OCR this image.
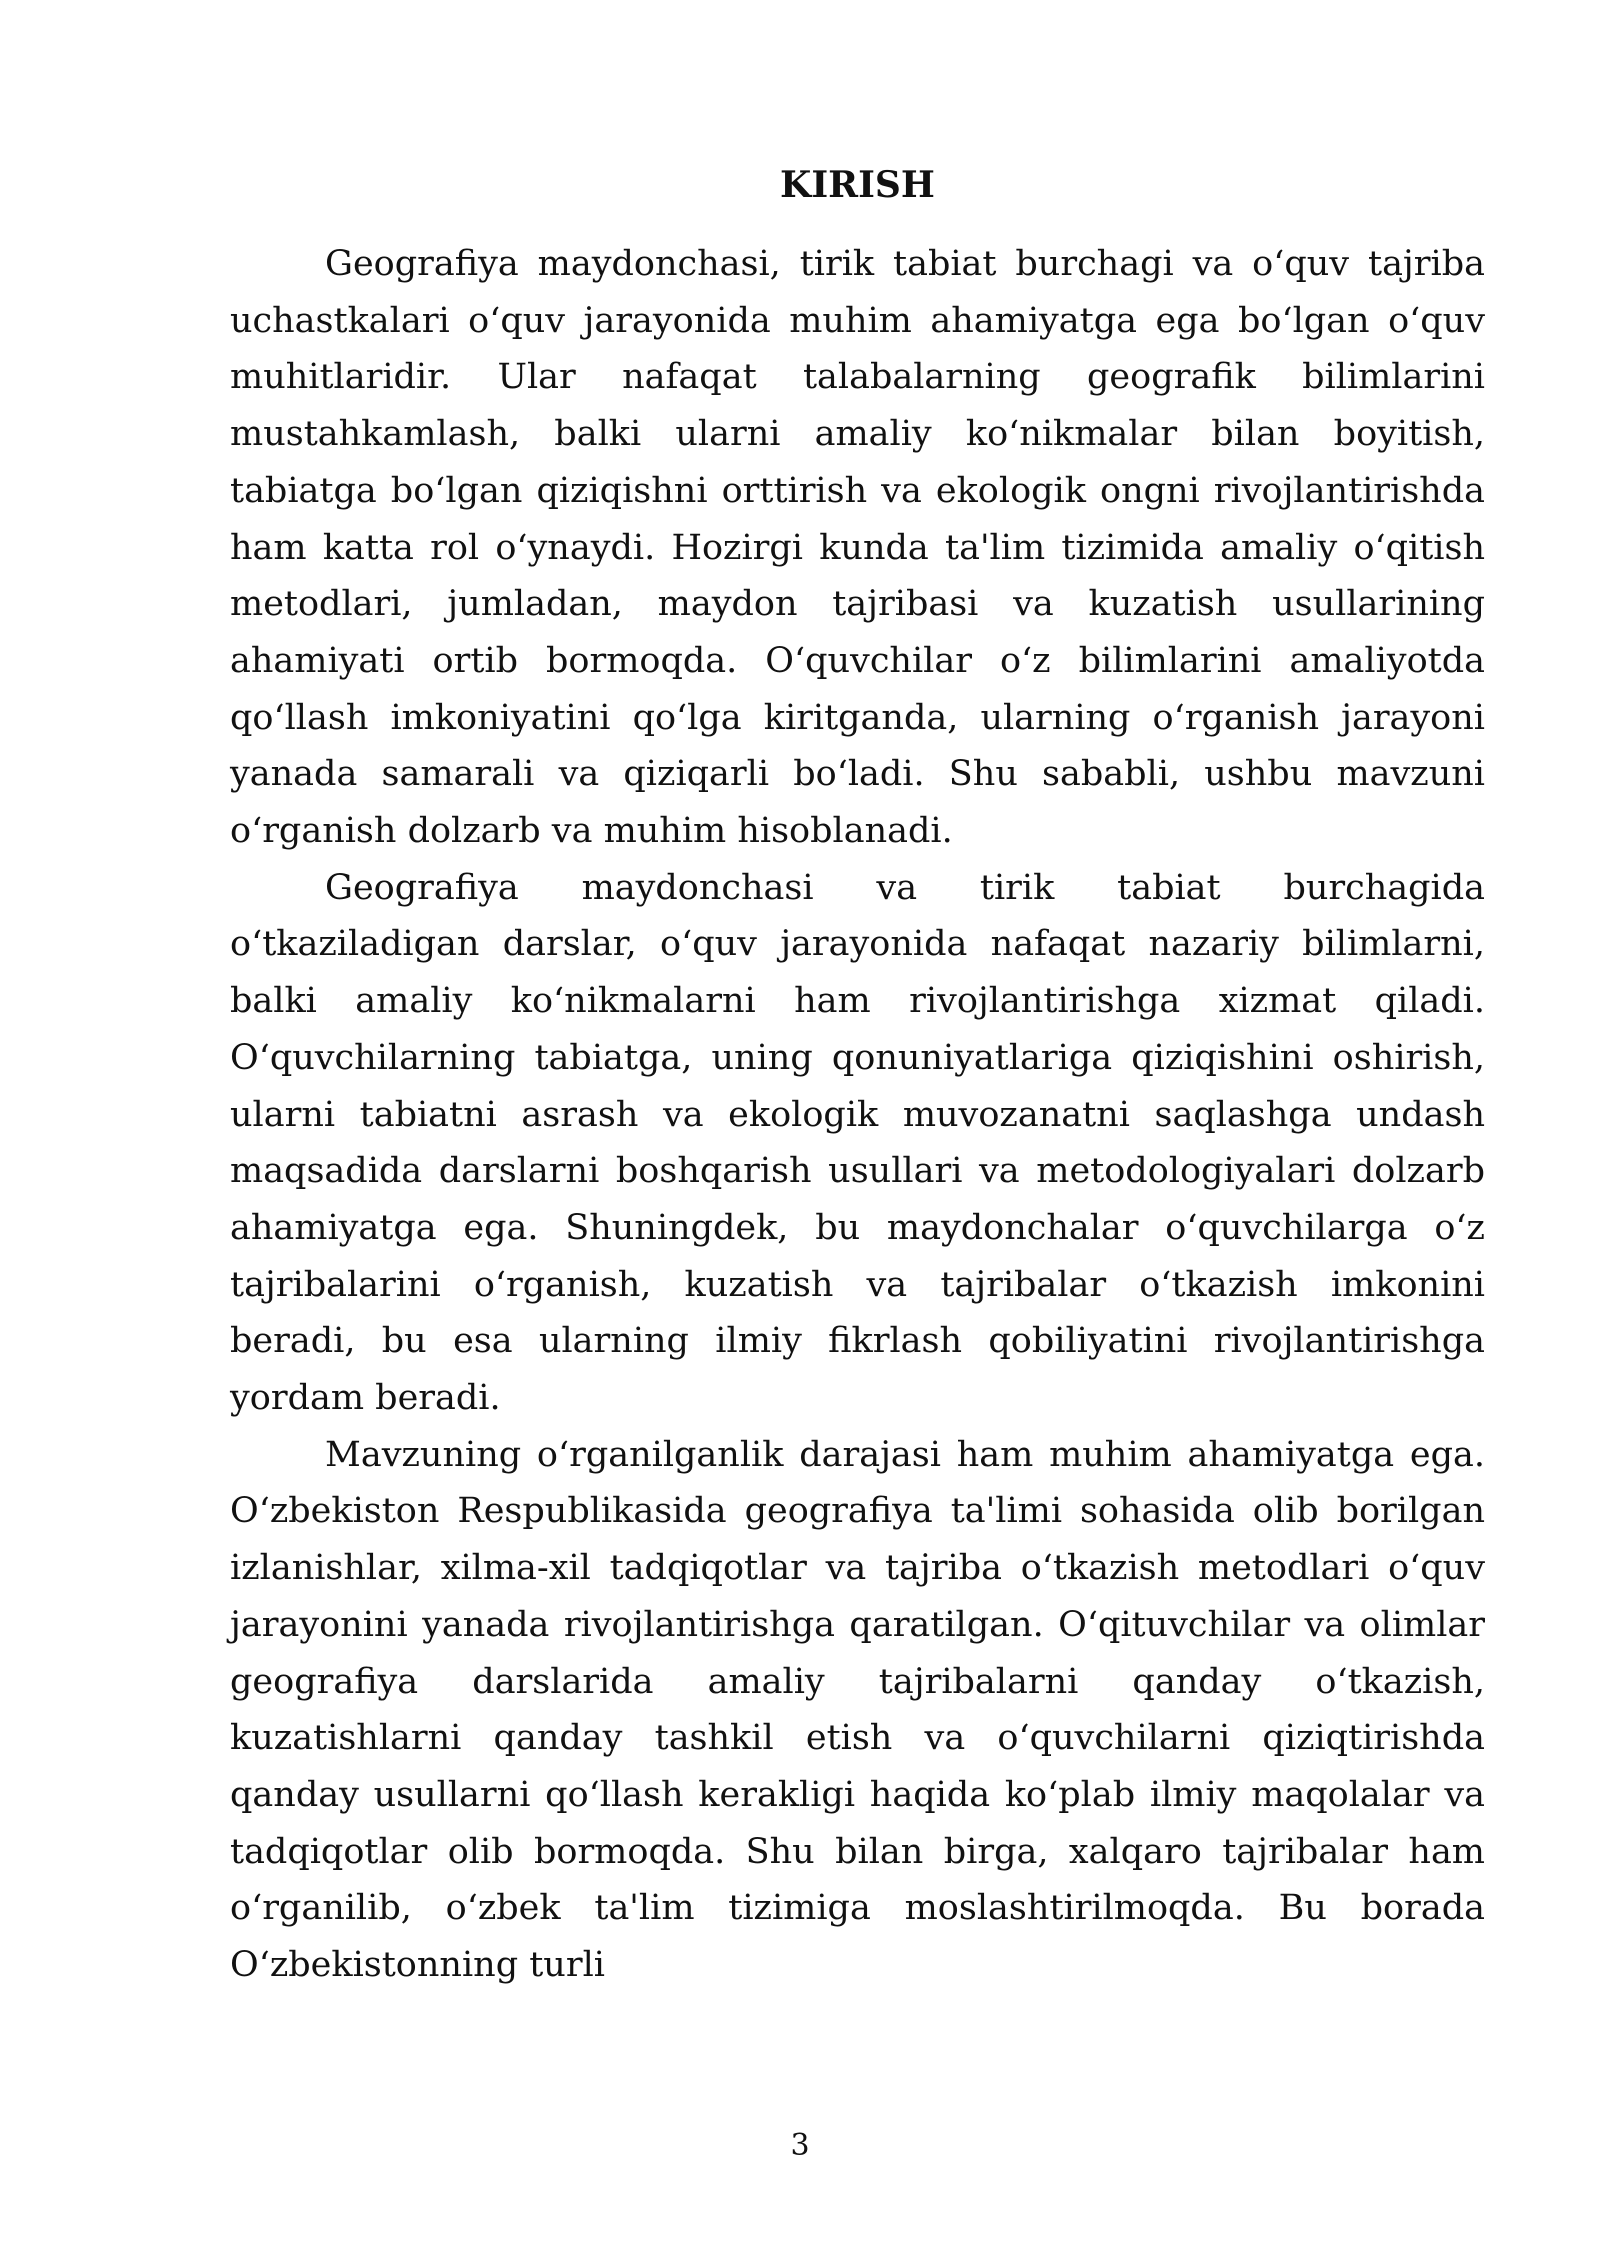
KIRISH

Geografiya maydonchasi, tirik tabiat burchagi va oʻquv tajriba uchastkalari oʻquv jarayonida muhim ahamiyatga ega boʻlgan oʻquv muhitlaridir. Ular nafaqat talabalarning geografik bilimlarini mustahkamlash, balki ularni amaliy koʻnikmalar bilan boyitish, tabiatga boʻlgan qiziqishni orttirish va ekologik ongni rivojlantirishda ham katta rol oʻynaydi. Hozirgi kunda ta'lim tizimida amaliy oʻqitish metodlari, jumladan, maydon tajribasi va kuzatish usullarining ahamiyati ortib bormoqda. Oʻquvchilar oʻz bilimlarini amaliyotda qoʻllash imkoniyatini qoʻlga kiritganda, ularning oʻrganish jarayoni yanada samarali va qiziqarli boʻladi. Shu sababli, ushbu mavzuni oʻrganish dolzarb va muhim hisoblanadi.

Geografiya maydonchasi va tirik tabiat burchagida oʻtkaziladigan darslar, oʻquv jarayonida nafaqat nazariy bilimlarni, balki amaliy koʻnikmalarni ham rivojlantirishga xizmat qiladi. Oʻquvchilarning tabiatga, uning qonuniyatlariga qiziqishini oshirish, ularni tabiatni asrash va ekologik muvozanatni saqlashga undash maqsadida darslarni boshqarish usullari va metodologiyalari dolzarb ahamiyatga ega. Shuningdek, bu maydonchalar oʻquvchilarga oʻz tajribalarini oʻrganish, kuzatish va tajribalar oʻtkazish imkonini beradi, bu esa ularning ilmiy fikrlash qobiliyatini rivojlantirishga yordam beradi.

Mavzuning oʻrganilganlik darajasi ham muhim ahamiyatga ega. Oʻzbekiston Respublikasida geografiya ta'limi sohasida olib borilgan izlanishlar, xilma-xil tadqiqotlar va tajriba oʻtkazish metodlari oʻquv jarayonini yanada rivojlantirishga qaratilgan. Oʻqituvchilar va olimlar geografiya darslarida amaliy tajribalarni qanday oʻtkazish, kuzatishlarni qanday tashkil etish va oʻquvchilarni qiziqtirishda qanday usullarni qoʻllash kerakligi haqida koʻplab ilmiy maqolalar va tadqiqotlar olib bormoqda. Shu bilan birga, xalqaro tajribalar ham oʻrganilib, oʻzbek ta'lim tizimiga moslashtirilmoqda. Bu borada Oʻzbekistonning turli

3
